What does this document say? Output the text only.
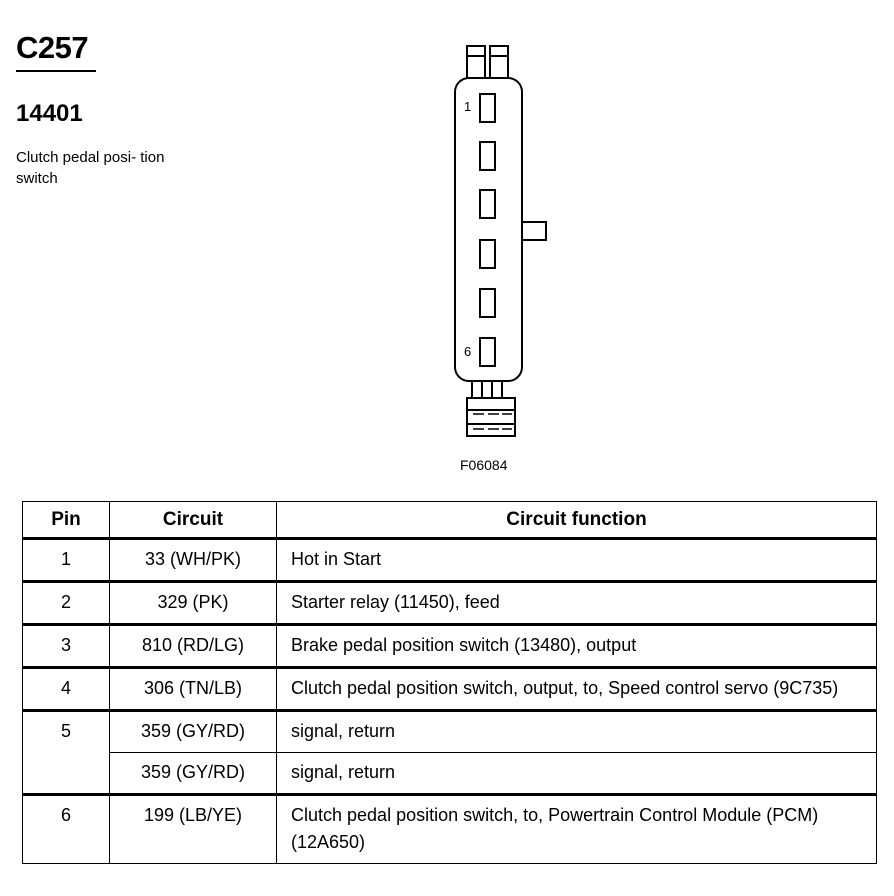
C257
14401
Clutch pedal posi- tion switch
1
6
F06084
Pin	Circuit	Circuit function
1	33 (WH/PK)	Hot in Start
2	329 (PK)	Starter relay (11450), feed
3	810 (RD/LG)	Brake pedal position switch (13480), output
4	306 (TN/LB)	Clutch pedal position switch, output, to, Speed control servo (9C735)
5	359 (GY/RD)	signal, return
	359 (GY/RD)	signal, return
6	199 (LB/YE)	Clutch pedal position switch, to, Powertrain Control Module (PCM) (12A650)
